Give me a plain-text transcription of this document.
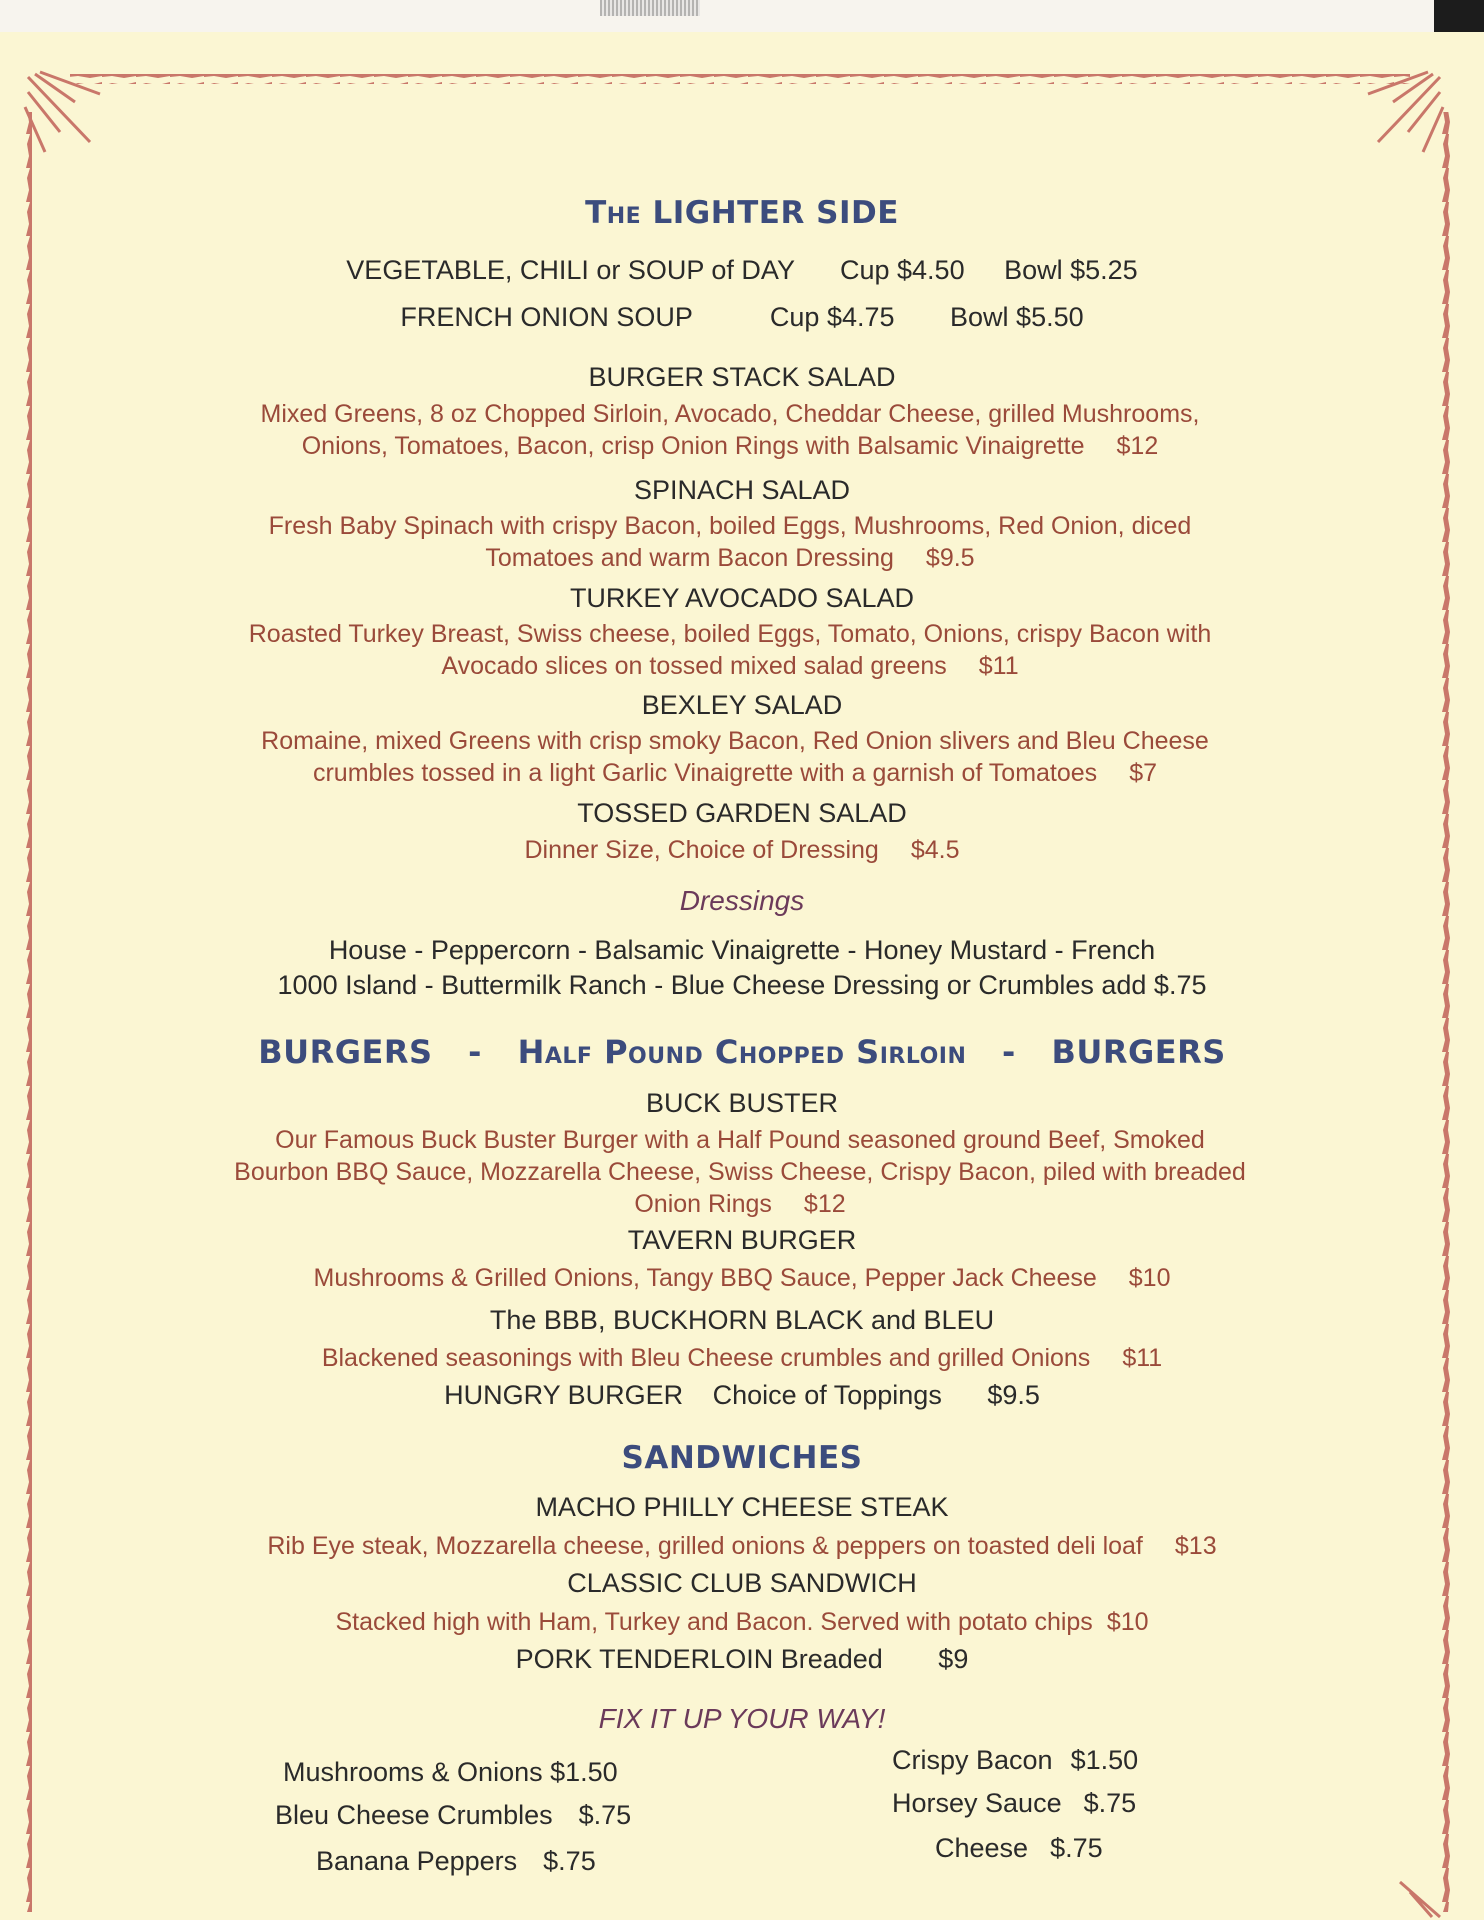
The LIGHTER SIDE
VEGETABLE, CHILI or SOUP of DAY Cup $4.50 Bowl $5.25
FRENCH ONION SOUP	Cup $4.75 Bowl $5.50
BURGER STACK SALAD
Mixed Greens, 8 oz Chopped Sirloin, Avocado, Cheddar Cheese, grilled Mushrooms, Onions, Tomatoes, Bacon, crisp Onion Rings with Balsamic Vinaigrette $12
SPINACH SALAD
Fresh Baby Spinach with crispy Bacon, boiled Eggs, Mushrooms, Red Onion, diced Tomatoes and warm Bacon Dressing $9.5
TURKEY AVOCADO SALAD
Roasted Turkey Breast, Swiss cheese, boiled Eggs, Tomato, Onions, crispy Bacon with Avocado slices on tossed mixed salad greens $11
BEXLEY SALAD
Romaine, mixed Greens with crisp smoky Bacon, Red Onion slivers and Bleu Cheese crumbles tossed in a light Garlic Vinaigrette with a garnish of Tomatoes $7
TOSSED GARDEN SALAD
Dinner Size, Choice of Dressing $4.5
Dressings
House - Peppercorn - Balsamic Vinaigrette - Honey Mustard - French
1000 Island - Buttermilk Ranch - Blue Cheese Dressing or Crumbles add $.75
BURGERS - Half Pound Chopped Sirloin - BURGERS
BUCK BUSTER
Our Famous Buck Buster Burger with a Half Pound seasoned ground Beef, Smoked Bourbon BBQ Sauce, Mozzarella Cheese, Swiss Cheese, Crispy Bacon, piled with breaded Onion Rings $12
TAVERN BURGER
Mushrooms & Grilled Onions, Tangy BBQ Sauce, Pepper Jack Cheese $10
The BBB, BUCKHORN BLACK and BLEU
Blackened seasonings with Bleu Cheese crumbles and grilled Onions $11
HUNGRY BURGER Choice of Toppings $9.5
SANDWICHES
MACHO PHILLY CHEESE STEAK
Rib Eye steak, Mozzarella cheese, grilled onions & peppers on toasted deli loaf $13
CLASSIC CLUB SANDWICH
Stacked high with Ham, Turkey and Bacon. Served with potato chips $10
PORK TENDERLOIN Breaded $9
FIX IT UP YOUR WAY!
Mushrooms & Onions $1.50
Bleu Cheese Crumbles $.75
Banana Peppers $.75
Crispy Bacon $1.50
Horsey Sauce $.75
Cheese $.75
